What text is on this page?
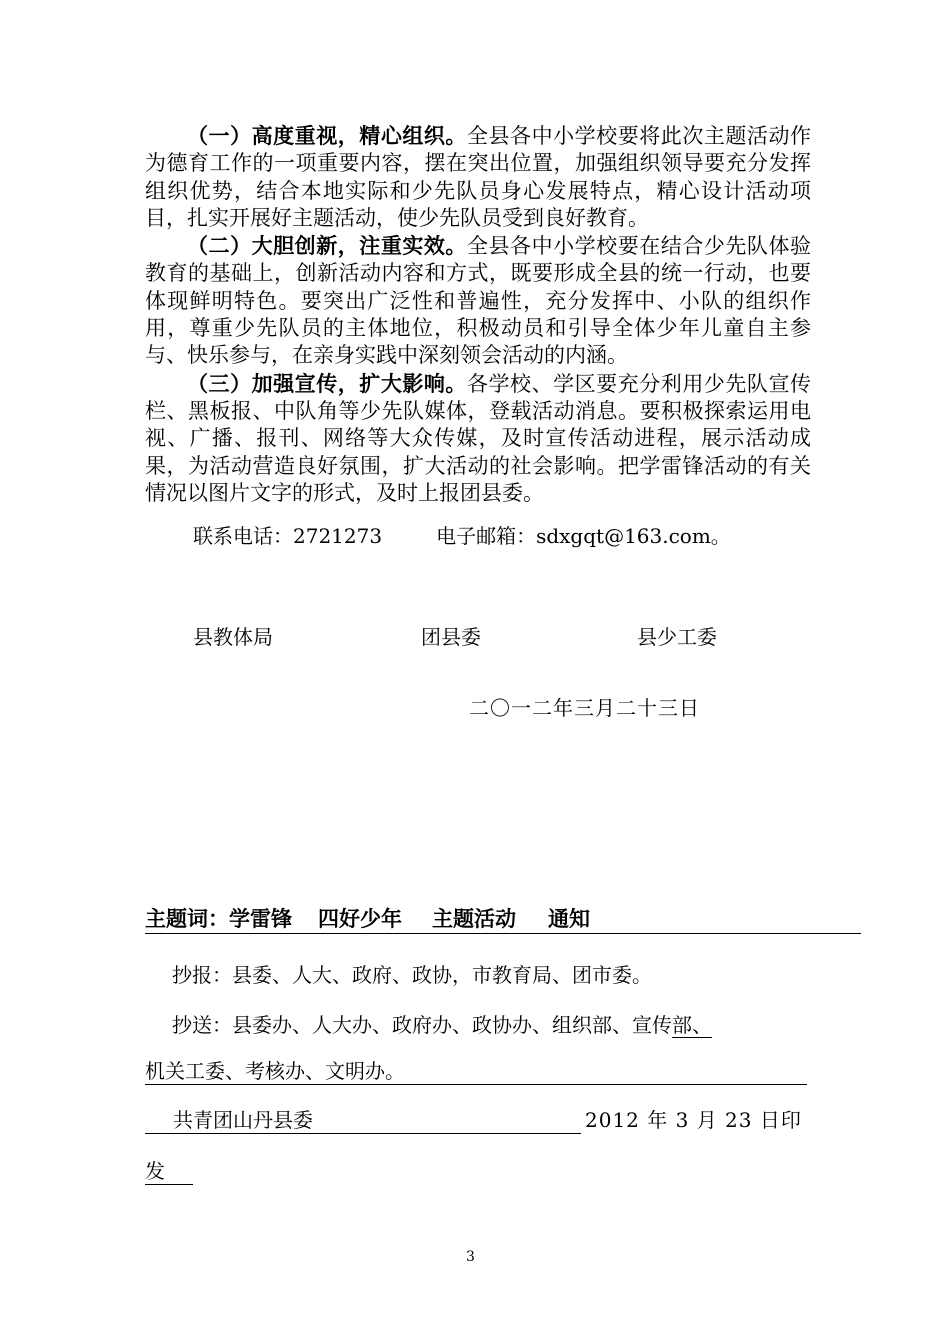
（一）高度重视，精心组织。全县各中小学校要将此次主题活动作为德育工作的一项重要内容，摆在突出位置，加强组织领导要充分发挥组织优势，结合本地实际和少先队员身心发展特点，精心设计活动项目，扎实开展好主题活动，使少先队员受到良好教育。

（二）大胆创新，注重实效。全县各中小学校要在结合少先队体验教育的基础上，创新活动内容和方式，既要形成全县的统一行动，也要体现鲜明特色。要突出广泛性和普遍性，充分发挥中、小队的组织作用，尊重少先队员的主体地位，积极动员和引导全体少年儿童自主参与、快乐参与，在亲身实践中深刻领会活动的内涵。

（三）加强宣传，扩大影响。各学校、学区要充分利用少先队宣传栏、黑板报、中队角等少先队媒体，登载活动消息。要积极探索运用电视、广播、报刊、网络等大众传媒，及时宣传活动进程，展示活动成果，为活动营造良好氛围，扩大活动的社会影响。把学雷锋活动的有关情况以图片文字的形式，及时上报团县委。

联系电话：2721273	电子邮箱：sdxgqt@163.com。
县教体局	团县委	县少工委
二〇一二年三月二十三日
主题词：学雷锋 四好少年 主题活动 通知
抄报：县委、人大、政府、政协，市教育局、团市委。
抄送：县委办、人大办、政府办、政协办、组织部、宣传部、
机关工委、考核办、文明办。
共青团山丹县委	2012 年 3 月 23 日印
发
3
